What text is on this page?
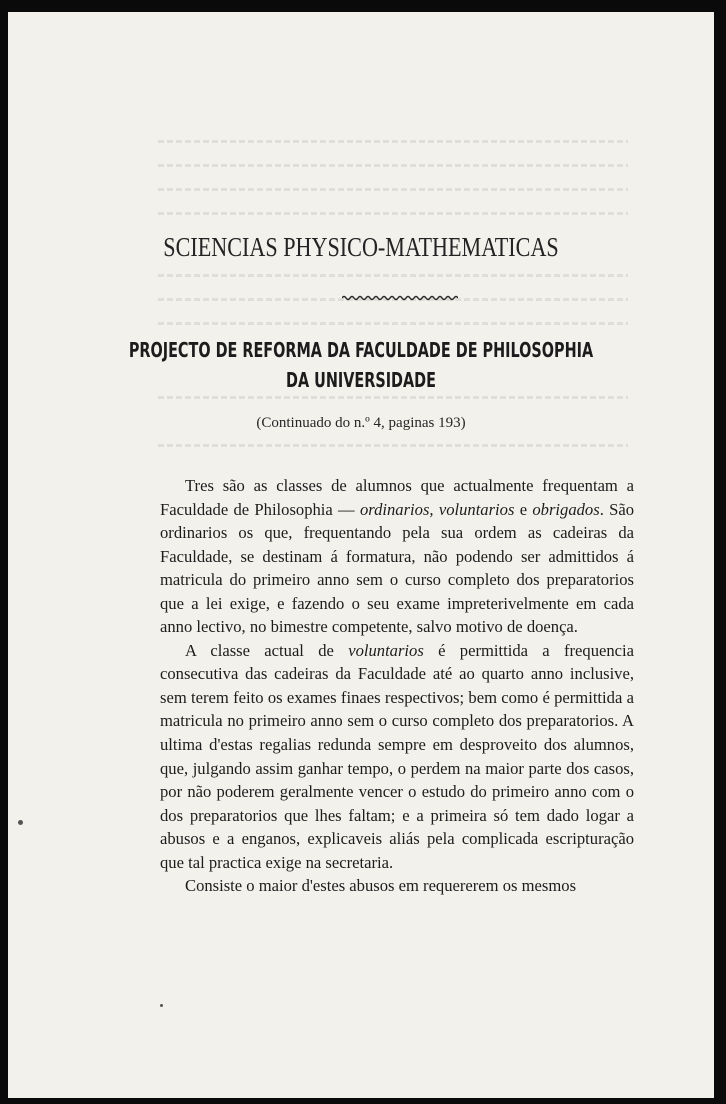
SCIENCIAS PHYSICO-MATHEMATICAS
PROJECTO DE REFORMA DA FACULDADE DE PHILOSOPHIA
DA UNIVERSIDADE
(Continuado do n.º 4, paginas 193)

Tres são as classes de alumnos que actualmente frequentam a Faculdade de Philosophia — ordinarios, voluntarios e obrigados. São ordinarios os que, frequentando pela sua ordem as cadeiras da Faculdade, se destinam á formatura, não podendo ser admittidos á matricula do primeiro anno sem o curso completo dos preparatorios que a lei exige, e fazendo o seu exame impreterivelmente em cada anno lectivo, no bimestre competente, salvo motivo de doença.

A classe actual de voluntarios é permittida a frequencia consecutiva das cadeiras da Faculdade até ao quarto anno inclusive, sem terem feito os exames finaes respectivos; bem como é permittida a matricula no primeiro anno sem o curso completo dos preparatorios. A ultima d'estas regalias redunda sempre em desproveito dos alumnos, que, julgando assim ganhar tempo, o perdem na maior parte dos casos, por não poderem geralmente vencer o estudo do primeiro anno com o dos preparatorios que lhes faltam; e a primeira só tem dado logar a abusos e a enganos, explicaveis aliás pela complicada escripturação que tal practica exige na secretaria.

Consiste o maior d'estes abusos em requererem os mesmos
